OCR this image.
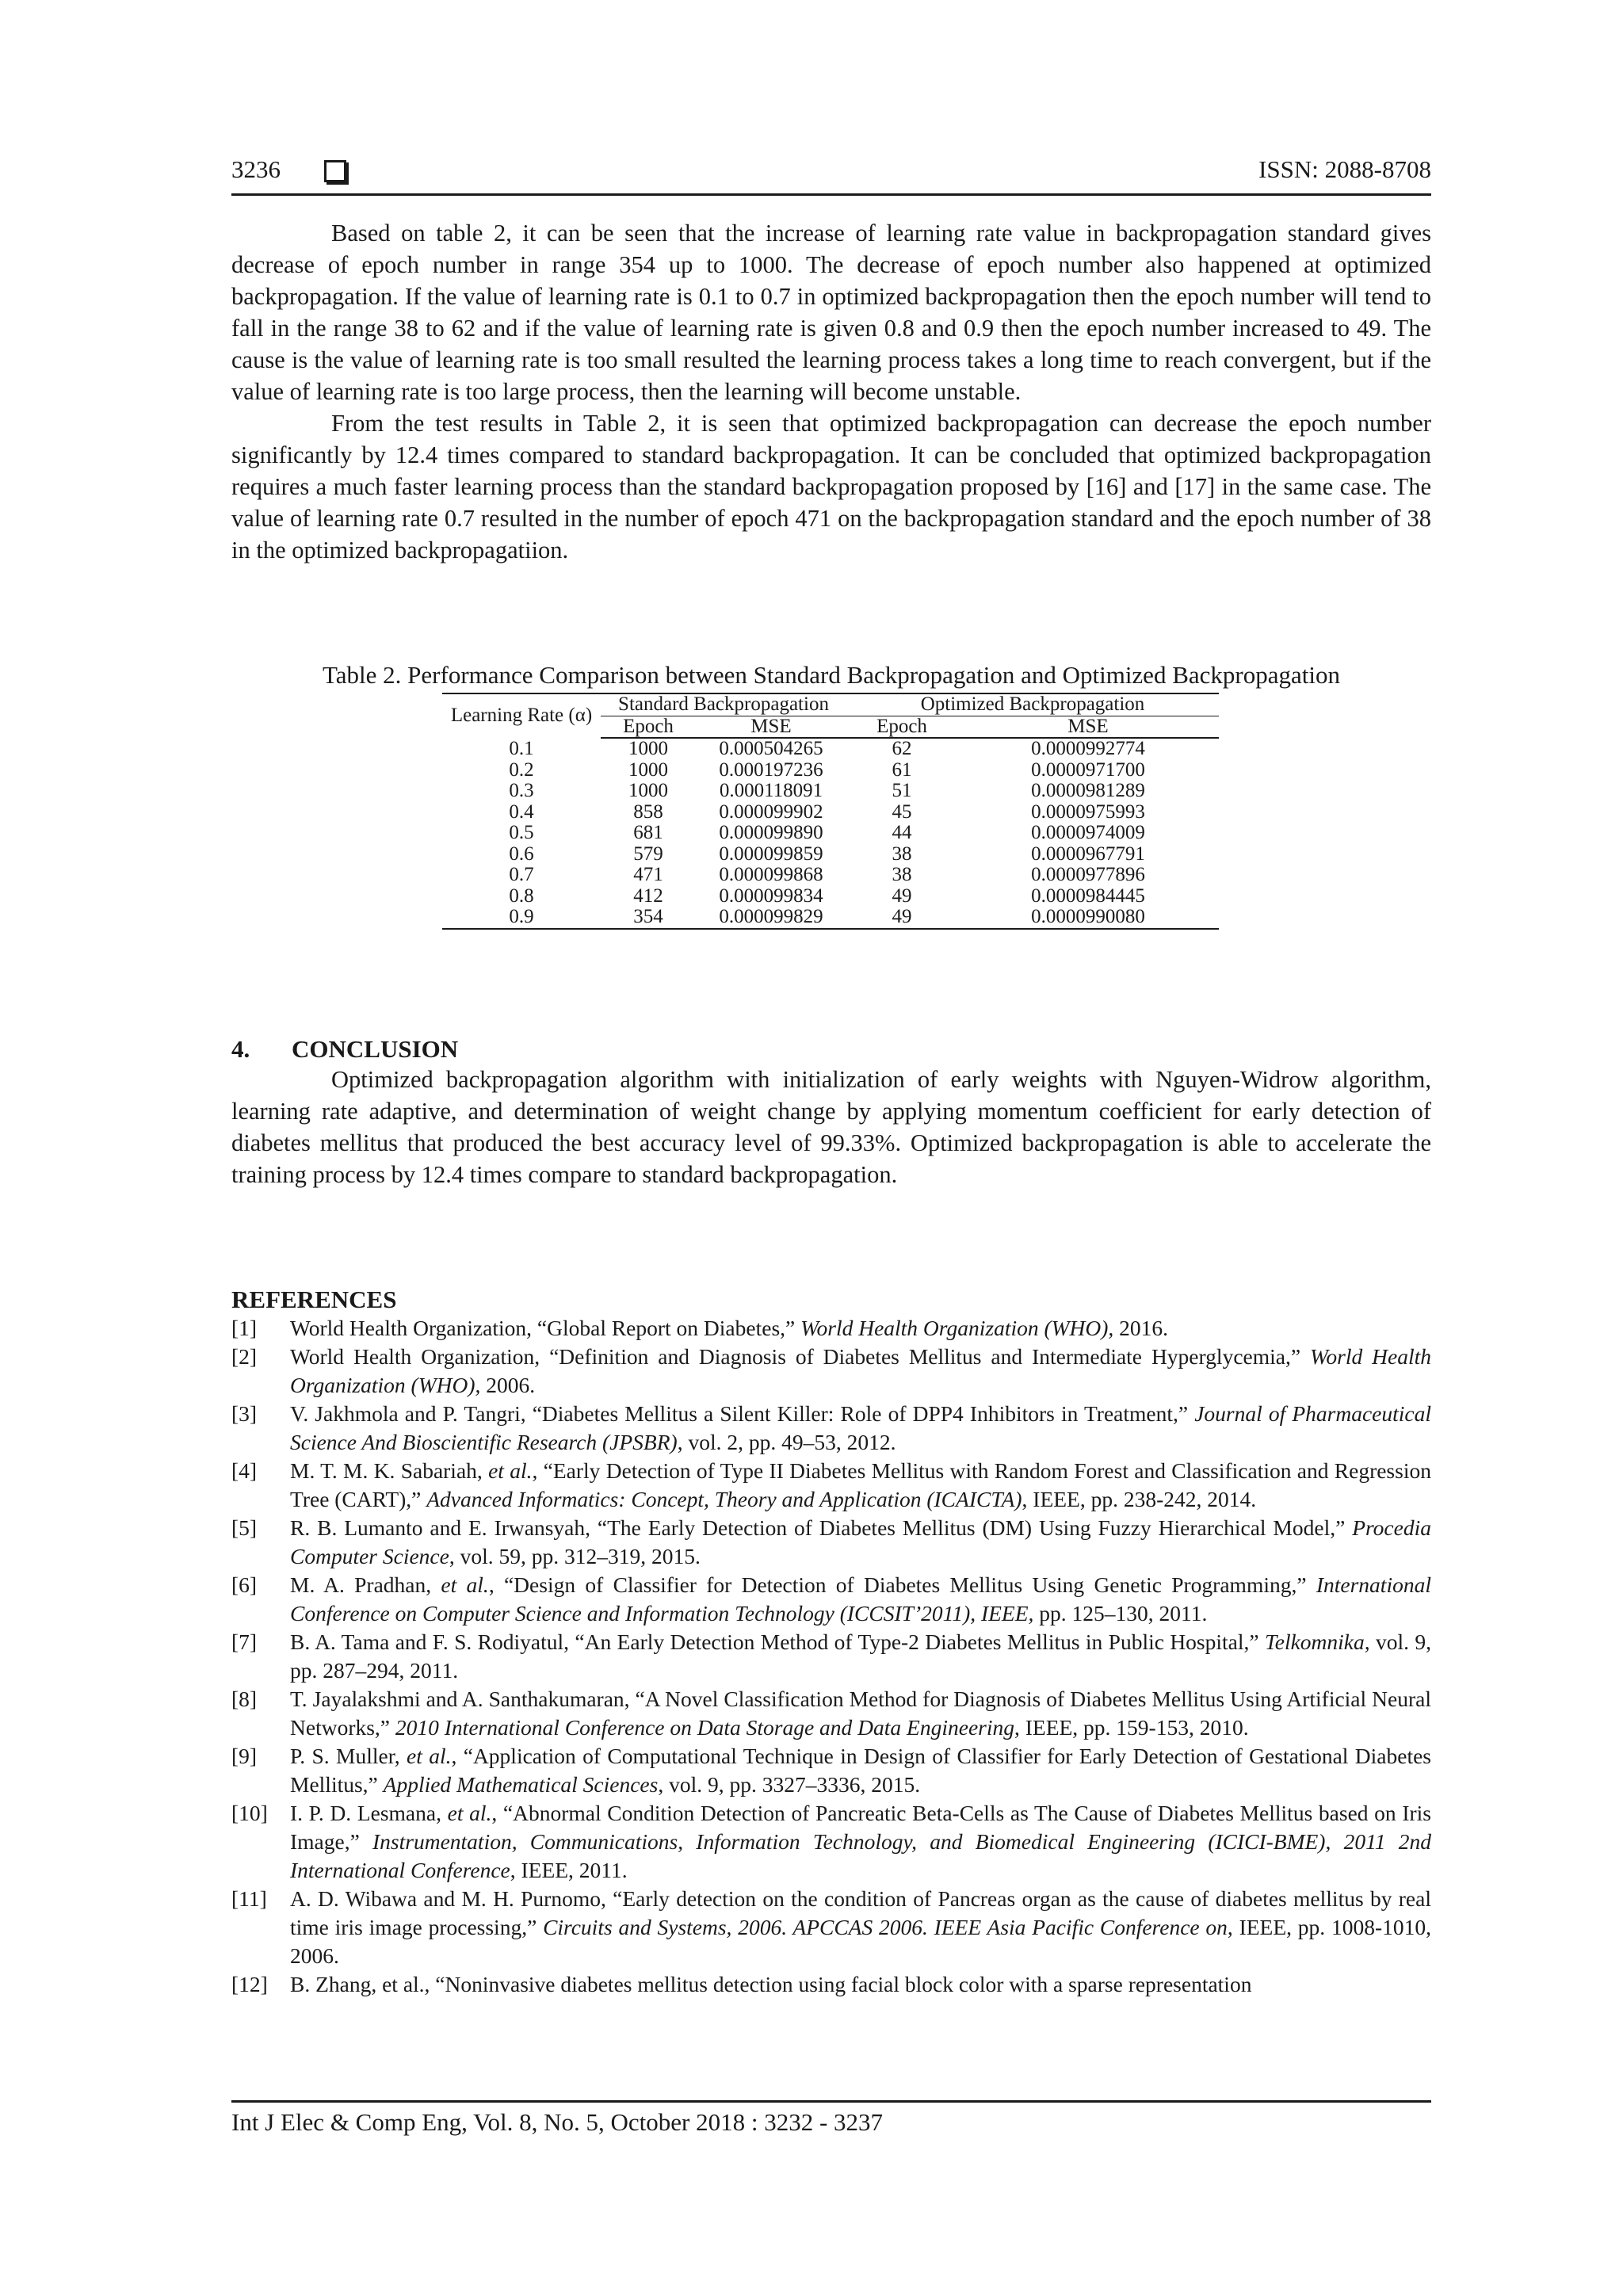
3236	ISSN: 2088-8708

Based on table 2, it can be seen that the increase of learning rate value in backpropagation standard gives decrease of epoch number in range 354 up to 1000. The decrease of epoch number also happened at optimized backpropagation. If the value of learning rate is 0.1 to 0.7 in optimized backpropagation then the epoch number will tend to fall in the range 38 to 62 and if the value of learning rate is given 0.8 and 0.9 then the epoch number increased to 49. The cause is the value of learning rate is too small resulted the learning process takes a long time to reach convergent, but if the value of learning rate is too large process, then the learning will become unstable.

From the test results in Table 2, it is seen that optimized backpropagation can decrease the epoch number significantly by 12.4 times compared to standard backpropagation. It can be concluded that optimized backpropagation requires a much faster learning process than the standard backpropagation proposed by [16] and [17] in the same case. The value of learning rate 0.7 resulted in the number of epoch 471 on the backpropagation standard and the epoch number of 38 in the optimized backpropagatiion.

Table 2. Performance Comparison between Standard Backpropagation and Optimized Backpropagation
Learning Rate (α)	Standard Backpropagation		Optimized Backpropagation	
	Epoch	MSE	Epoch	MSE
0.1	1000	0.000504265	62	0.0000992774
0.2	1000	0.000197236	61	0.0000971700
0.3	1000	0.000118091	51	0.0000981289
0.4	858	0.000099902	45	0.0000975993
0.5	681	0.000099890	44	0.0000974009
0.6	579	0.000099859	38	0.0000967791
0.7	471	0.000099868	38	0.0000977896
0.8	412	0.000099834	49	0.0000984445
0.9	354	0.000099829	49	0.0000990080
4. CONCLUSION

Optimized backpropagation algorithm with initialization of early weights with Nguyen-Widrow algorithm, learning rate adaptive, and determination of weight change by applying momentum coefficient for early detection of diabetes mellitus that produced the best accuracy level of 99.33%. Optimized backpropagation is able to accelerate the training process by 12.4 times compare to standard backpropagation.

REFERENCES
[1] World Health Organization, “Global Report on Diabetes,” World Health Organization (WHO), 2016.
[2] World Health Organization, “Definition and Diagnosis of Diabetes Mellitus and Intermediate Hyperglycemia,” World Health Organization (WHO), 2006.
[3] V. Jakhmola and P. Tangri, “Diabetes Mellitus a Silent Killer: Role of DPP4 Inhibitors in Treatment,” Journal of Pharmaceutical Science And Bioscientific Research (JPSBR), vol. 2, pp. 49–53, 2012.
[4] M. T. M. K. Sabariah, et al., “Early Detection of Type II Diabetes Mellitus with Random Forest and Classification and Regression Tree (CART),” Advanced Informatics: Concept, Theory and Application (ICAICTA), IEEE, pp. 238-242, 2014.
[5] R. B. Lumanto and E. Irwansyah, “The Early Detection of Diabetes Mellitus (DM) Using Fuzzy Hierarchical Model,” Procedia Computer Science, vol. 59, pp. 312–319, 2015.
[6] M. A. Pradhan, et al., “Design of Classifier for Detection of Diabetes Mellitus Using Genetic Programming,” International Conference on Computer Science and Information Technology (ICCSIT’2011), IEEE, pp. 125–130, 2011.
[7] B. A. Tama and F. S. Rodiyatul, “An Early Detection Method of Type-2 Diabetes Mellitus in Public Hospital,” Telkomnika, vol. 9, pp. 287–294, 2011.
[8] T. Jayalakshmi and A. Santhakumaran, “A Novel Classification Method for Diagnosis of Diabetes Mellitus Using Artificial Neural Networks,” 2010 International Conference on Data Storage and Data Engineering, IEEE, pp. 159-153, 2010.
[9] P. S. Muller, et al., “Application of Computational Technique in Design of Classifier for Early Detection of Gestational Diabetes Mellitus,” Applied Mathematical Sciences, vol. 9, pp. 3327–3336, 2015.
[10] I. P. D. Lesmana, et al., “Abnormal Condition Detection of Pancreatic Beta-Cells as The Cause of Diabetes Mellitus based on Iris Image,” Instrumentation, Communications, Information Technology, and Biomedical Engineering (ICICI-BME), 2011 2nd International Conference, IEEE, 2011.
[11] A. D. Wibawa and M. H. Purnomo, “Early detection on the condition of Pancreas organ as the cause of diabetes mellitus by real time iris image processing,” Circuits and Systems, 2006. APCCAS 2006. IEEE Asia Pacific Conference on, IEEE, pp. 1008-1010, 2006.
[12] B. Zhang, et al., “Noninvasive diabetes mellitus detection using facial block color with a sparse representation
Int J Elec & Comp Eng, Vol. 8, No. 5, October 2018 : 3232 - 3237
